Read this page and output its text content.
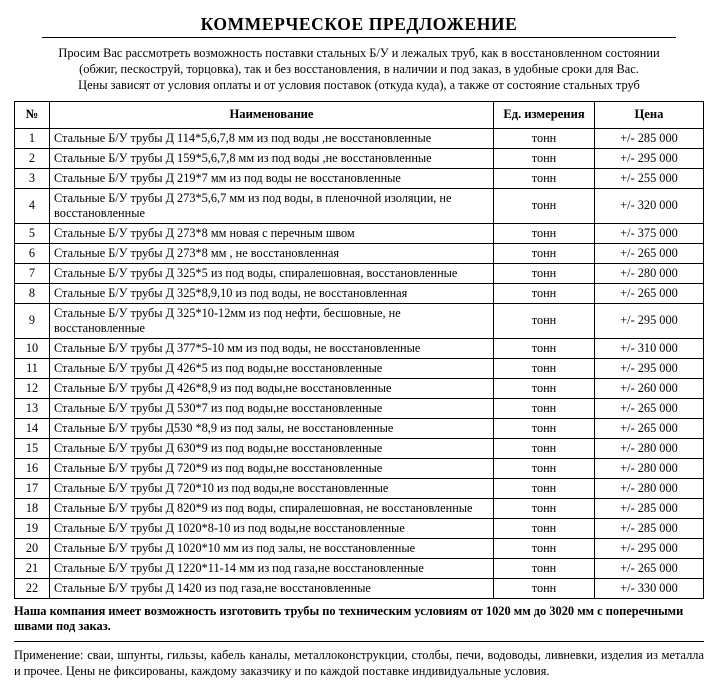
КОММЕРЧЕСКОЕ ПРЕДЛОЖЕНИЕ
Просим Вас рассмотреть возможность поставки стальных Б/У и лежалых труб, как в восстановленном состоянии
(обжиг, пескоструй, торцовка), так и без восстановления, в наличии и под заказ, в удобные сроки для Вас.
Цены зависят от условия оплаты и от условия поставок (откуда куда), а также от состояние стальных труб
№	Наименование	Ед. измерения	Цена
1	Стальные Б/У трубы Д 114*5,6,7,8 мм из под воды ,не восстановленные	тонн	+/- 285 000
2	Стальные Б/У трубы Д 159*5,6,7,8 мм из под воды ,не восстановленные	тонн	+/- 295 000
3	Стальные Б/У трубы Д 219*7 мм из под воды не восстановленные	тонн	+/- 255 000
4	Стальные Б/У трубы Д 273*5,6,7 мм из под воды, в пленочной изоляции, не восстановленные	тонн	+/- 320 000
5	Стальные Б/У трубы Д 273*8 мм новая с перечным швом	тонн	+/- 375 000
6	Стальные Б/У трубы Д 273*8 мм , не восстановленная	тонн	+/- 265 000
7	Стальные Б/У трубы Д 325*5 из под воды, спиралешовная, восстановленные	тонн	+/- 280 000
8	Стальные Б/У трубы Д 325*8,9,10 из под воды, не восстановленная	тонн	+/- 265 000
9	Стальные Б/У трубы Д 325*10-12мм из под нефти, бесшовные, не восстановленные	тонн	+/- 295 000
10	Стальные Б/У трубы Д 377*5-10 мм из под воды, не восстановленные	тонн	+/- 310 000
11	Стальные Б/У трубы Д 426*5 из под воды,не восстановленные	тонн	+/- 295 000
12	Стальные Б/У трубы Д 426*8,9 из под воды,не восстановленные	тонн	+/- 260 000
13	Стальные Б/У трубы Д 530*7 из под воды,не восстановленные	тонн	+/- 265 000
14	Стальные Б/У трубы Д530 *8,9 из под залы, не восстановленные	тонн	+/- 265 000
15	Стальные Б/У трубы Д 630*9 из под воды,не восстановленные	тонн	+/- 280 000
16	Стальные Б/У трубы Д 720*9 из под воды,не восстановленные	тонн	+/- 280 000
17	Стальные Б/У трубы Д 720*10 из под воды,не восстановленные	тонн	+/- 280 000
18	Стальные Б/У трубы Д 820*9 из под воды, спиралешовная, не восстановленные	тонн	+/- 285 000
19	Стальные Б/У трубы Д 1020*8-10 из под воды,не восстановленные	тонн	+/- 285 000
20	Стальные Б/У трубы Д 1020*10 мм из под залы, не восстановленные	тонн	+/- 295 000
21	Стальные Б/У трубы Д 1220*11-14 мм из под газа,не восстановленные	тонн	+/- 265 000
22	Стальные Б/У трубы Д 1420 из под газа,не восстановленные	тонн	+/- 330 000
Наша компания имеет возможность изготовить трубы по техническим условиям от 1020 мм до 3020 мм с поперечными швами под заказ.
Применение: сваи, шпунты, гильзы, кабель каналы, металлоконструкции, столбы, печи, водоводы, ливневки, изделия из металла и прочее. Цены не фиксированы, каждому заказчику и по каждой поставке индивидуальные условия.
